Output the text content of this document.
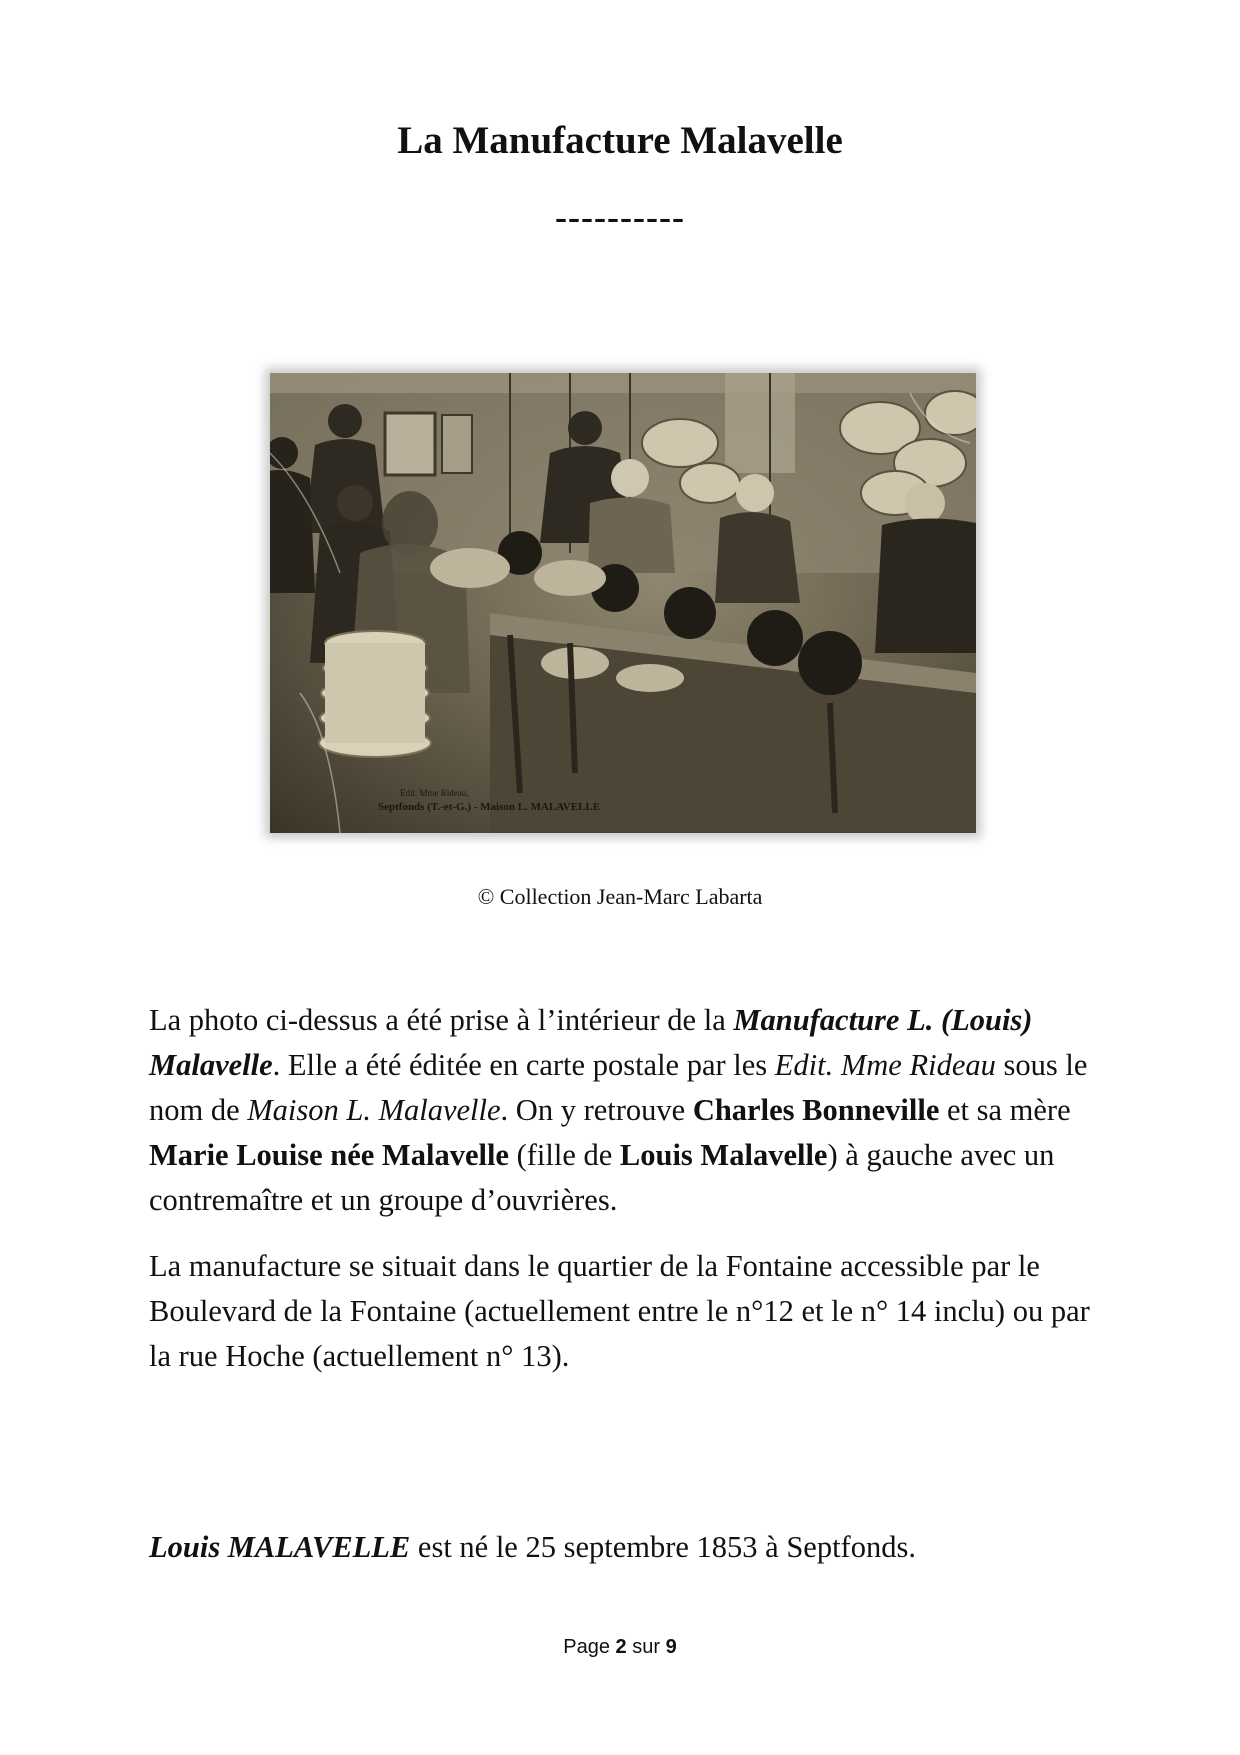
La Manufacture Malavelle
----------
Edit. Mme Rideau,
Septfonds (T.-et-G.) - Maison L. MALAVELLE
© Collection Jean-Marc Labarta

La photo ci-dessus a été prise à l’intérieur de la Manufacture L. (Louis) Malavelle. Elle a été éditée en carte postale par les Edit. Mme Rideau sous le nom de Maison L. Malavelle. On y retrouve Charles Bonneville et sa mère Marie Louise née Malavelle (fille de Louis Malavelle) à gauche avec un contremaître et un groupe d’ouvrières.

La manufacture se situait dans le quartier de la Fontaine accessible par le Boulevard de la Fontaine (actuellement entre le n°12 et le n° 14 inclu) ou par la rue Hoche (actuellement n° 13).

Louis MALAVELLE est né le 25 septembre 1853 à Septfonds.

Page 2 sur 9
